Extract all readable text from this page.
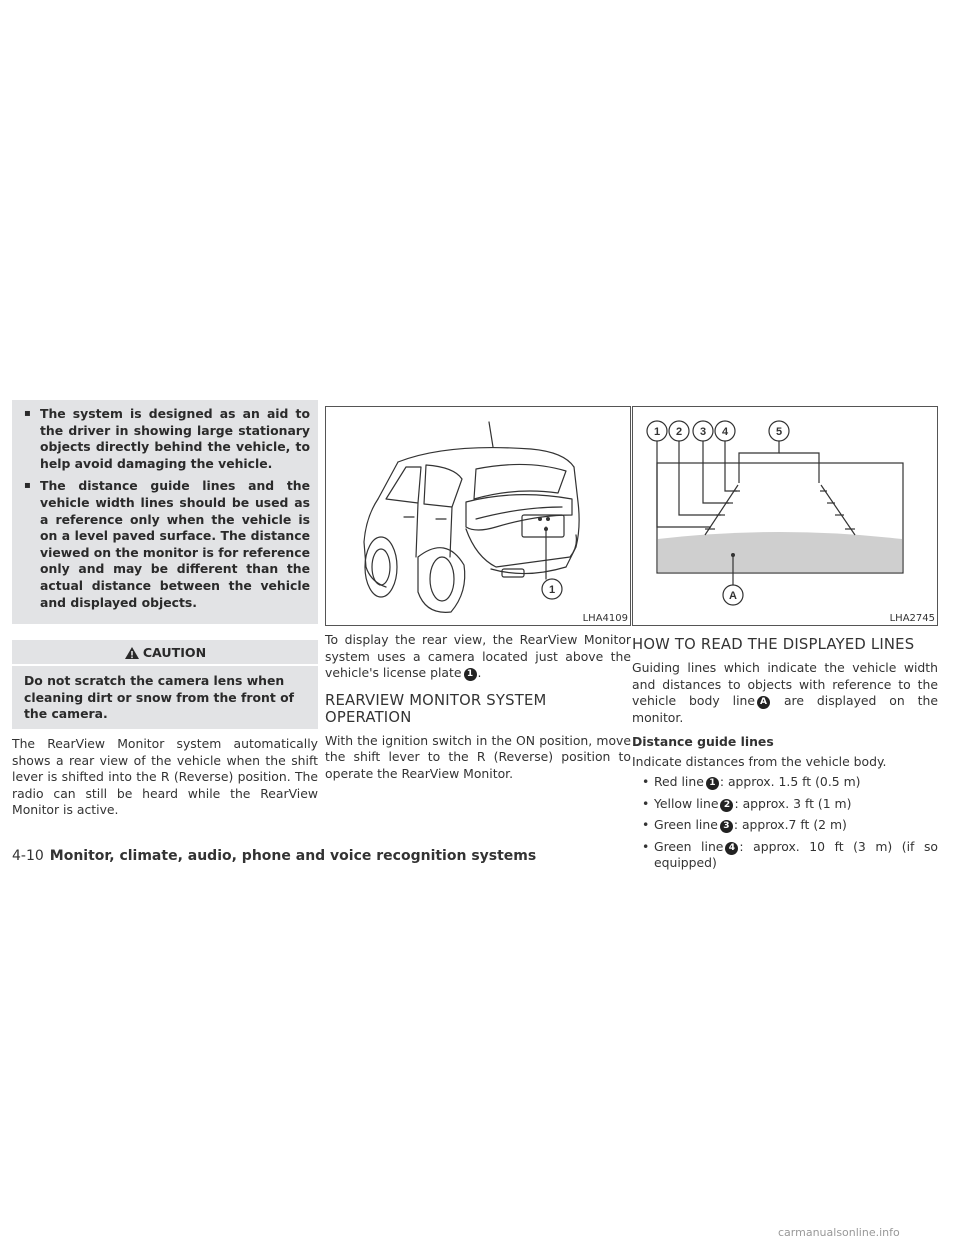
▪ The system is designed as an aid to the driver in showing large stationary objects directly behind the vehicle, to help avoid damaging the vehicle.
▪ The distance guide lines and the vehicle width lines should be used as a reference only when the vehicle is on a level paved surface. The distance viewed on the monitor is for reference only and may be different than the actual distance between the vehicle and displayed objects.
CAUTION
Do not scratch the camera lens when cleaning dirt or snow from the front of the camera.

The RearView Monitor system automatically shows a rear view of the vehicle when the shift lever is shifted into the R (Reverse) position. The radio can still be heard while the RearView Monitor is active.

1
LHA4109

To display the rear view, the RearView Monitor system uses a camera located just above the vehicle's license plate 1 .

REARVIEW MONITOR SYSTEM OPERATION

With the ignition switch in the ON position, move the shift lever to the R (Reverse) position to operate the RearView Monitor.

1 2 3 4	5
A
LHA2745
HOW TO READ THE DISPLAYED LINES

Guiding lines which indicate the vehicle width and distances to objects with reference to the vehicle body line A are displayed on the monitor.

Distance guide lines

Indicate distances from the vehicle body.

• Red line 1 : approx. 1.5 ft (0.5 m)
• Yellow line 2 : approx. 3 ft (1 m)
• Green line 3 : approx.7 ft (2 m)
• Green line 4 : approx. 10 ft (3 m) (if so equipped)
4-10 Monitor, climate, audio, phone and voice recognition systems
carmanualsonline.info
